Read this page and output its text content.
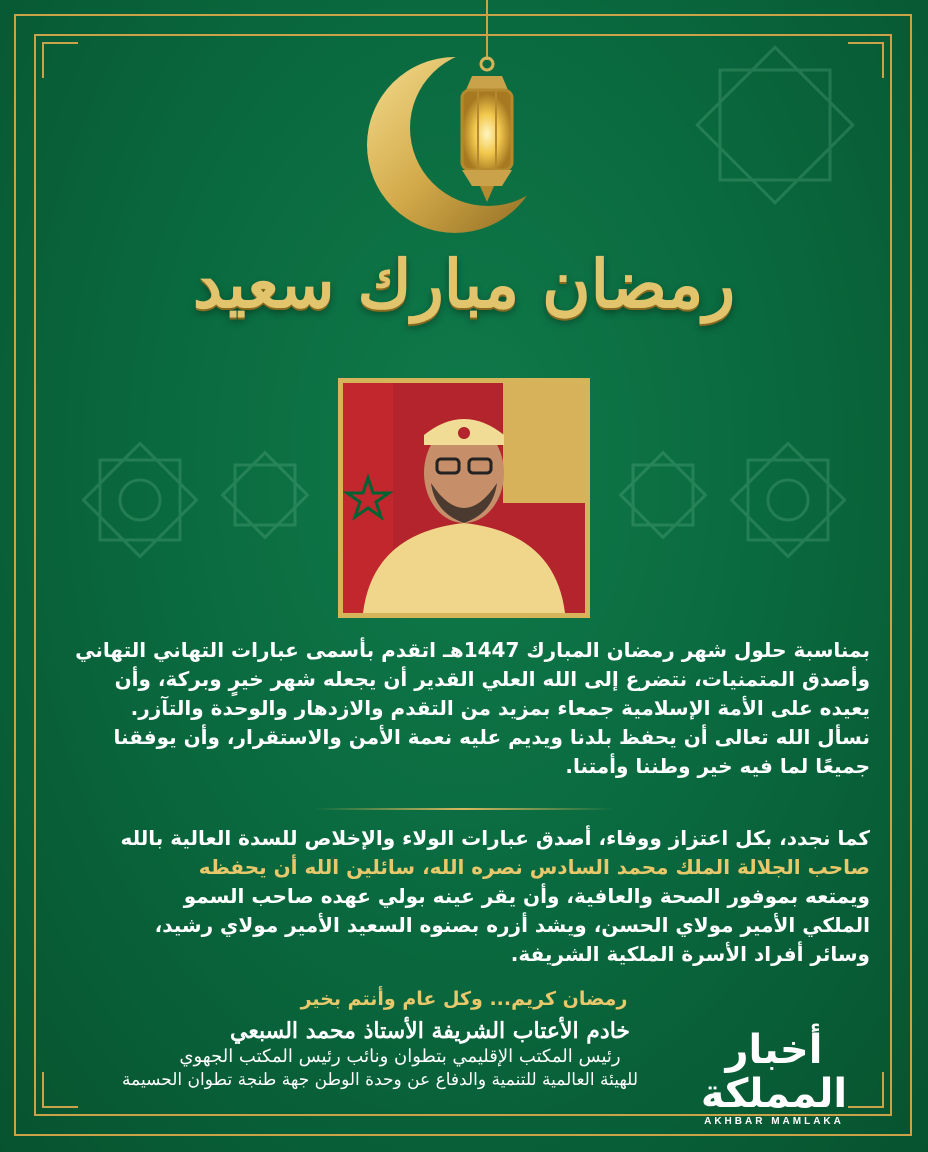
رمضان مبارك سعيد
بمناسبة حلول شهر رمضان المبارك 1447هـ اتقدم بأسمى عبارات التهاني التهاني
وأصدق المتمنيات، نتضرع إلى الله العلي القدير أن يجعله شهر خيرٍ وبركة، وأن
يعيده على الأمة الإسلامية جمعاء بمزيد من التقدم والازدهار والوحدة والتآزر.
نسأل الله تعالى أن يحفظ بلدنا ويديم عليه نعمة الأمن والاستقرار، وأن يوفقنا
جميعًا لما فيه خير وطننا وأمتنا.
كما نجدد، بكل اعتزاز ووفاء، أصدق عبارات الولاء والإخلاص للسدة العالية بالله
صاحب الجلالة الملك محمد السادس نصره الله، سائلين الله أن يحفظه
ويمتعه بموفور الصحة والعافية، وأن يقر عينه بولي عهده صاحب السمو
الملكي الأمير مولاي الحسن، ويشد أزره بصنوه السعيد الأمير مولاي رشيد،
وسائر أفراد الأسرة الملكية الشريفة.
رمضان كريم... وكل عام وأنتم بخير
خادم الأعتاب الشريفة الأستاذ محمد السبعي
رئيس المكتب الإقليمي بتطوان ونائب رئيس المكتب الجهوي
للهيئة العالمية للتنمية والدفاع عن وحدة الوطن جهة طنجة تطوان الحسيمة
أخبار المملكة
AKHBAR MAMLAKA
